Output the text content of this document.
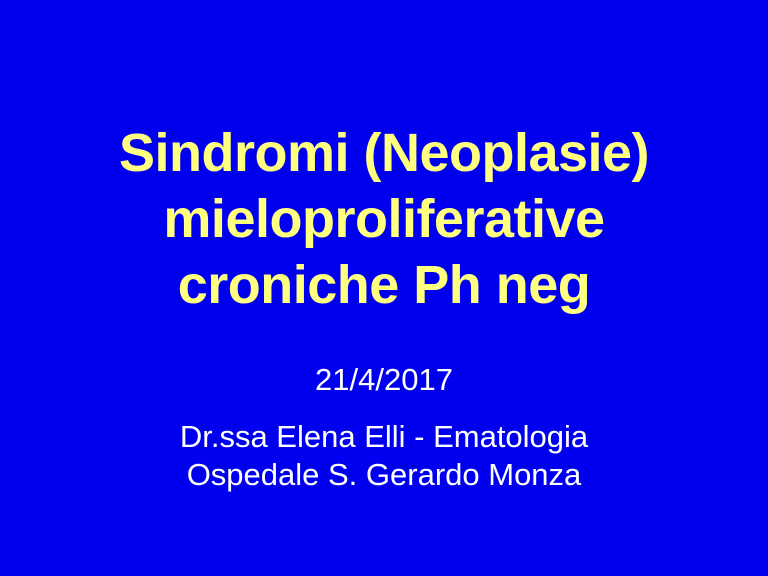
Sindromi (Neoplasie)
mieloproliferative
croniche Ph neg
21/4/2017
Dr.ssa Elena Elli - Ematologia
Ospedale S. Gerardo Monza
